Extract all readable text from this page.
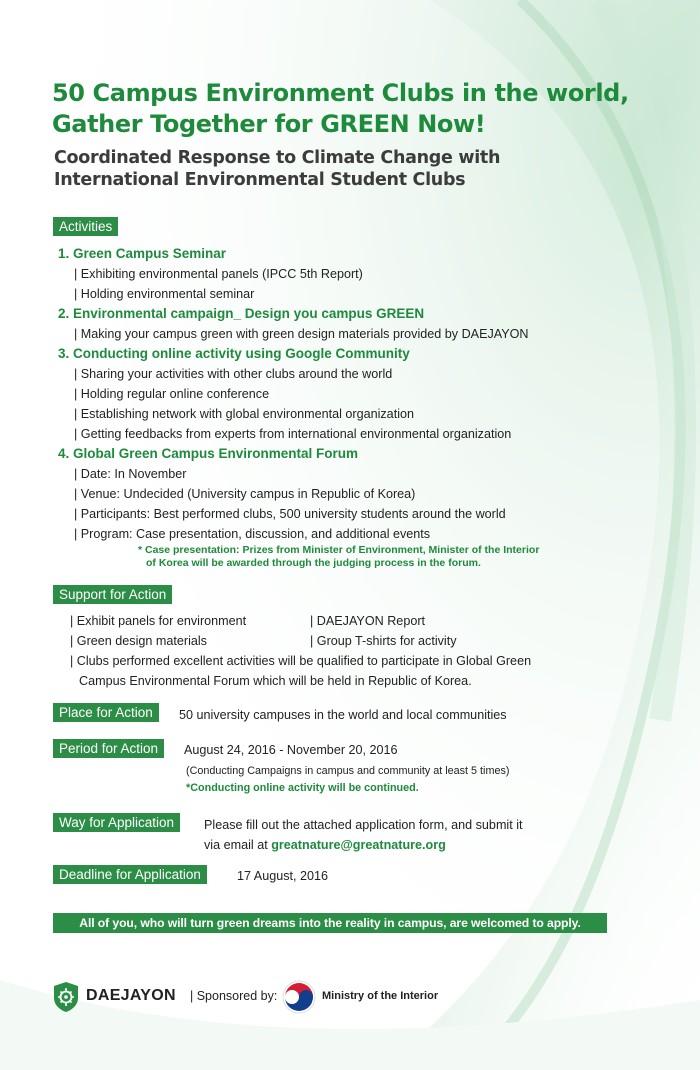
50 Campus Environment Clubs in the world,
Gather Together for GREEN Now!
Coordinated Response to Climate Change with
International Environmental Student Clubs
Activities
1. Green Campus Seminar
| Exhibiting environmental panels (IPCC 5th Report)
| Holding environmental seminar
2. Environmental campaign_ Design you campus GREEN
| Making your campus green with green design materials provided by DAEJAYON
3. Conducting online activity using Google Community
| Sharing your activities with other clubs around the world
| Holding regular online conference
| Establishing network with global environmental organization
| Getting feedbacks from experts from international environmental organization
4. Global Green Campus Environmental Forum
| Date: In November
| Venue: Undecided (University campus in Republic of Korea)
| Participants: Best performed clubs, 500 university students around the world
| Program: Case presentation, discussion, and additional events
* Case presentation: Prizes from Minister of Environment, Minister of the Interior
of Korea will be awarded through the judging process in the forum.
Support for Action
| Exhibit panels for environment	| DAEJAYON Report
| Green design materials	| Group T-shirts for activity
| Clubs performed excellent activities will be qualified to participate in Global Green
Campus Environmental Forum which will be held in Republic of Korea.
Place for Action	50 university campuses in the world and local communities
Period for Action	August 24, 2016 - November 20, 2016
(Conducting Campaigns in campus and community at least 5 times)
*Conducting online activity will be continued.
Way for Application	Please fill out the attached application form, and submit it
via email at greatnature@greatnature.org
Deadline for Application	17 August, 2016
All of you, who will turn green dreams into the reality in campus, are welcomed to apply.
DAEJAYON | Sponsored by:	Ministry of the Interior
